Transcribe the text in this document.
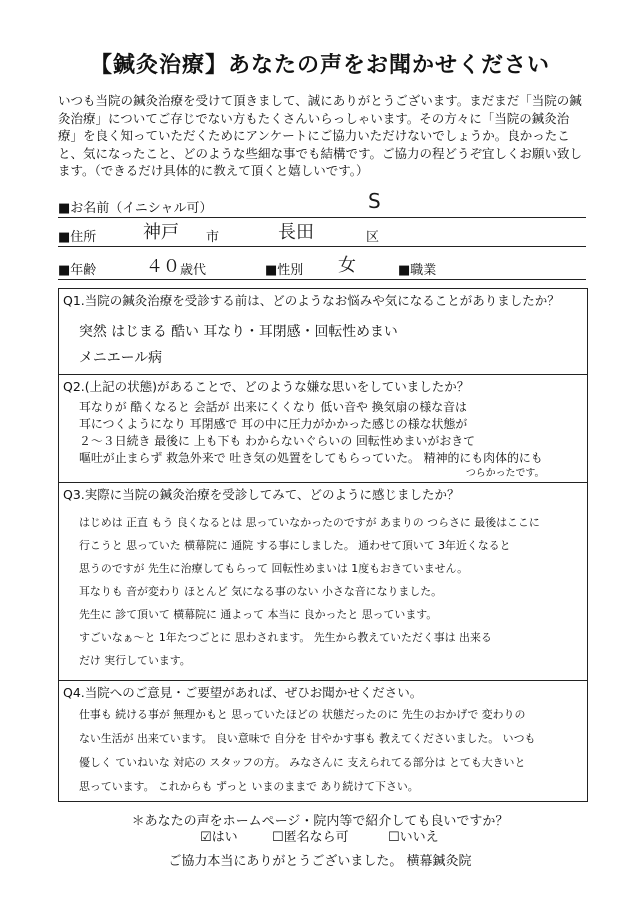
【鍼灸治療】あなたの声をお聞かせください
いつも当院の鍼灸治療を受けて頂きまして、誠にありがとうございます。まだまだ「当院の鍼灸治療」についてご存じでない方もたくさんいらっしゃいます。その方々に「当院の鍼灸治療」を良く知っていただくためにアンケートにご協力いただけないでしょうか。良かったこと、気になったこと、どのような些細な事でも結構です。ご協力の程どうぞ宜しくお願い致します。（できるだけ具体的に教えて頂くと嬉しいです。）
■お名前（イニシャル可）	S
■住所	神戸 市	長田	区
■年齢	４０ 歳代	■性別 女	■職業
Q1.当院の鍼灸治療を受診する前は、どのようなお悩みや気になることがありましたか？
突然 はじまる 酷い 耳なり・耳閉感・回転性めまい
メニエール病
Q2.(上記の状態)があることで、どのような嫌な思いをしていましたか？
耳なりが 酷くなると 会話が 出来にくくなり 低い音や 換気扇の様な音は
耳につくようになり 耳閉感で 耳の中に圧力がかかった感じの様な状態が
２～３日続き 最後に 上も下も わからないぐらいの 回転性めまいがおきて
嘔吐が止まらず 救急外来で 吐き気の処置をしてもらっていた。 精神的にも肉体的にも
つらかったです。
Q3.実際に当院の鍼灸治療を受診してみて、どのように感じましたか？
はじめは 正直 もう 良くなるとは 思っていなかったのですが あまりの つらさに 最後はここに
行こうと 思っていた 横幕院に 通院 する事にしました。 通わせて頂いて 3年近くなると
思うのですが 先生に治療してもらって 回転性めまいは 1度もおきていません。
耳なりも 音が変わり ほとんど 気になる事のない 小さな音になりました。
先生に 診て頂いて 横幕院に 通よって 本当に 良かったと 思っています。
すごいなぁ～と 1年たつごとに 思わされます。 先生から教えていただく事は 出来る
だけ 実行しています。
Q4.当院へのご意見・ご要望があれば、ぜひお聞かせください。
仕事も 続ける事が 無理かもと 思っていたほどの 状態だったのに 先生のおかげで 変わりの
ない生活が 出来ています。 良い意味で 自分を 甘やかす事も 教えてくださいました。 いつも
優しく ていねいな 対応の スタッフの方。 みなさんに 支えられてる部分は とても大きいと
思っています。 これからも ずっと いまのままで あり続けて下さい。
＊あなたの声をホームページ・院内等で紹介しても良いですか？
☑はい	☐匿名なら可	☐いいえ
ご協力本当にありがとうございました。 横幕鍼灸院
